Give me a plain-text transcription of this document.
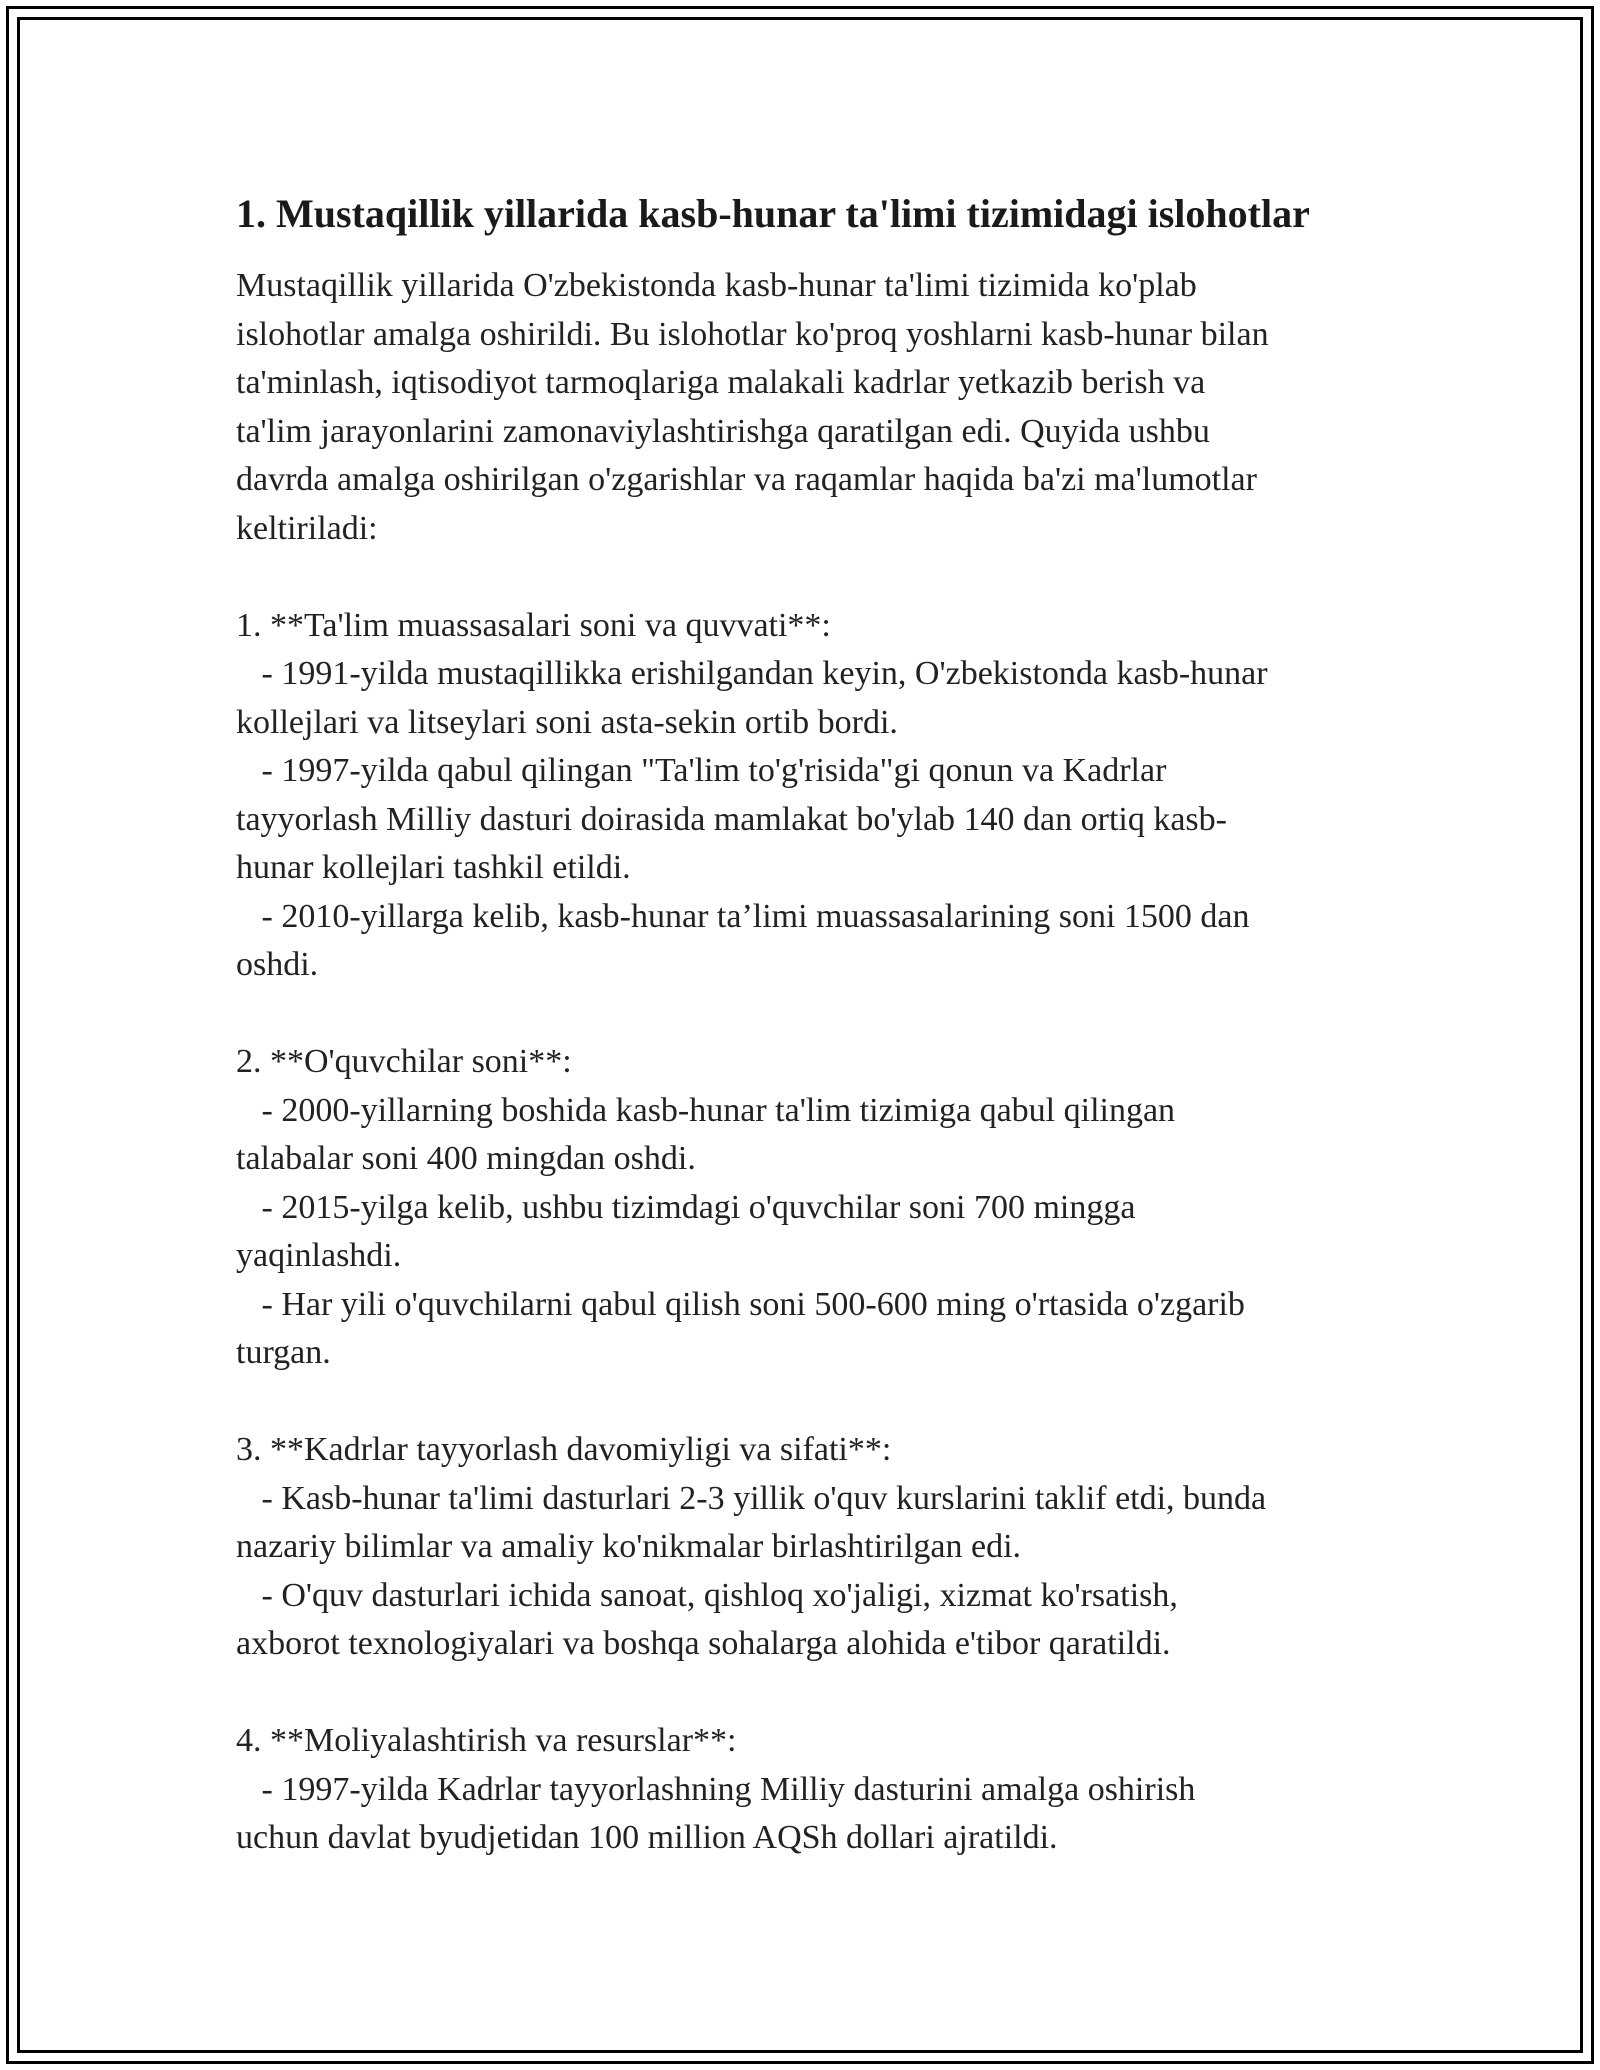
1. Mustaqillik yillarida kasb-hunar ta'limi tizimidagi islohotlar
Mustaqillik yillarida O'zbekistonda kasb-hunar ta'limi tizimida ko'plab
islohotlar amalga oshirildi. Bu islohotlar ko'proq yoshlarni kasb-hunar bilan
ta'minlash, iqtisodiyot tarmoqlariga malakali kadrlar yetkazib berish va
ta'lim jarayonlarini zamonaviylashtirishga qaratilgan edi. Quyida ushbu
davrda amalga oshirilgan o'zgarishlar va raqamlar haqida ba'zi ma'lumotlar
keltiriladi:

1. **Ta'lim muassasalari soni va quvvati**:
- 1991-yilda mustaqillikka erishilgandan keyin, O'zbekistonda kasb-hunar
kollejlari va litseylari soni asta-sekin ortib bordi.
- 1997-yilda qabul qilingan "Ta'lim to'g'risida"gi qonun va Kadrlar
tayyorlash Milliy dasturi doirasida mamlakat bo'ylab 140 dan ortiq kasb-
hunar kollejlari tashkil etildi.
- 2010-yillarga kelib, kasb-hunar ta’limi muassasalarining soni 1500 dan
oshdi.

2. **O'quvchilar soni**:
- 2000-yillarning boshida kasb-hunar ta'lim tizimiga qabul qilingan
talabalar soni 400 mingdan oshdi.
- 2015-yilga kelib, ushbu tizimdagi o'quvchilar soni 700 mingga
yaqinlashdi.
- Har yili o'quvchilarni qabul qilish soni 500-600 ming o'rtasida o'zgarib
turgan.

3. **Kadrlar tayyorlash davomiyligi va sifati**:
- Kasb-hunar ta'limi dasturlari 2-3 yillik o'quv kurslarini taklif etdi, bunda
nazariy bilimlar va amaliy ko'nikmalar birlashtirilgan edi.
- O'quv dasturlari ichida sanoat, qishloq xo'jaligi, xizmat ko'rsatish,
axborot texnologiyalari va boshqa sohalarga alohida e'tibor qaratildi.

4. **Moliyalashtirish va resurslar**:
- 1997-yilda Kadrlar tayyorlashning Milliy dasturini amalga oshirish
uchun davlat byudjetidan 100 million AQSh dollari ajratildi.
